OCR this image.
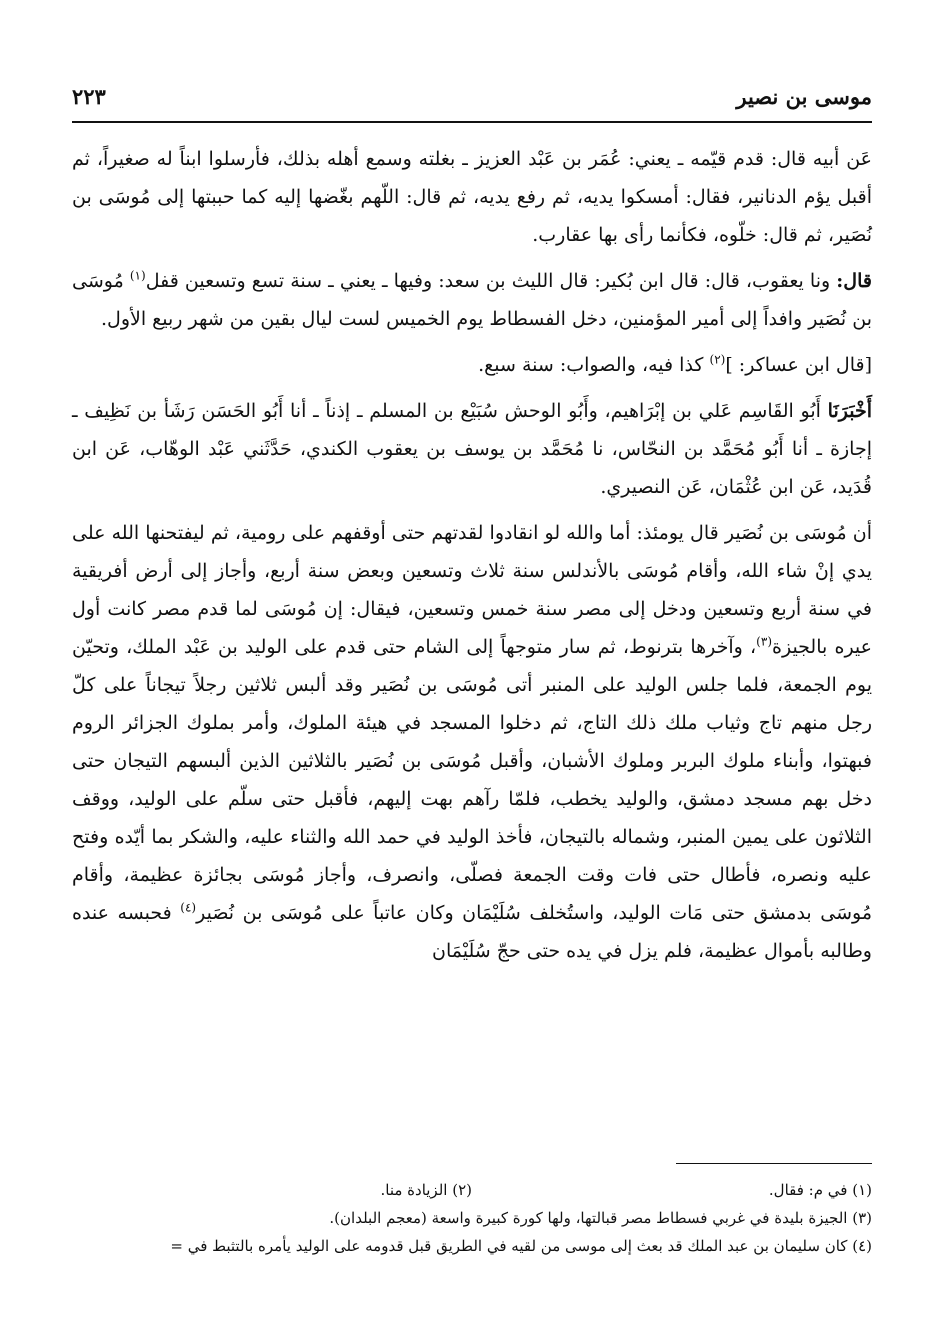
موسى بن نصير
٢٢٣

عَن أبيه قال: قدم قيّمه ـ يعني: عُمَر بن عَبْد العزيز ـ بغلته وسمع أهله بذلك، فأرسلوا ابناً له صغيراً، ثم أقبل يؤم الدنانير، فقال: أمسكوا يديه، ثم رفع يديه، ثم قال: اللّهم بغّضها إليه كما حببتها إلى مُوسَى بن نُصَير، ثم قال: خلّوه، فكأنما رأى بها عقارب.

قال: ونا يعقوب، قال: قال ابن بُكير: قال الليث بن سعد: وفيها ـ يعني ـ سنة تسع وتسعين قفل$^{(١)}$ مُوسَى بن نُصَير وافداً إلى أمير المؤمنين، دخل الفسطاط يوم الخميس لست ليال بقين من شهر ربيع الأول.

[قال ابن عساكر: ]$^{(٢)}$ كذا فيه، والصواب: سنة سبع.

أَخْبَرَنَا أَبُو القَاسِم عَلي بن إبْرَاهيم، وأَبُو الوحش سُبَيْع بن المسلم ـ إذناً ـ أنا أَبُو الحَسَن رَشَأ بن نَظِيف ـ إجازة ـ أنا أَبُو مُحَمَّد بن النحّاس، نا مُحَمَّد بن يوسف بن يعقوب الكندي، حَدَّثَني عَبْد الوهّاب، عَن ابن قُدَيد، عَن ابن عُثْمَان، عَن النصيري.

أن مُوسَى بن نُصَير قال يومئذ: أما والله لو انقادوا لقدتهم حتى أوقفهم على رومية، ثم ليفتحنها الله على يدي إنْ شاء الله، وأقام مُوسَى بالأندلس سنة ثلاث وتسعين وبعض سنة أربع، وأجاز إلى أرض أفريقية في سنة أربع وتسعين ودخل إلى مصر سنة خمس وتسعين، فيقال: إن مُوسَى لما قدم مصر كانت أول عيره بالجيزة$^{(٣)}$، وآخرها بترنوط، ثم سار متوجهاً إلى الشام حتى قدم على الوليد بن عَبْد الملك، وتحيّن يوم الجمعة، فلما جلس الوليد على المنبر أتى مُوسَى بن نُصَير وقد ألبس ثلاثين رجلاً تيجاناً على كلّ رجل منهم تاج وثياب ملك ذلك التاج، ثم دخلوا المسجد في هيئة الملوك، وأمر بملوك الجزائر الروم فبهتوا، وأبناء ملوك البربر وملوك الأشبان، وأقبل مُوسَى بن نُصَير بالثلاثين الذين ألبسهم التيجان حتى دخل بهم مسجد دمشق، والوليد يخطب، فلمّا رآهم بهت إليهم، فأقبل حتى سلّم على الوليد، ووقف الثلاثون على يمين المنبر، وشماله بالتيجان، فأخذ الوليد في حمد الله والثناء عليه، والشكر بما أيّده وفتح عليه ونصره، فأطال حتى فات وقت الجمعة فصلّى، وانصرف، وأجاز مُوسَى بجائزة عظيمة، وأقام مُوسَى بدمشق حتى مَات الوليد، واستُخلف سُلَيْمَان وكان عاتباً على مُوسَى بن نُصَير$^{(٤)}$ فحبسه عنده وطالبه بأموال عظيمة، فلم يزل في يده حتى حجّ سُلَيْمَان

(١) في م: فقال.
(٢) الزيادة منا.
(٣) الجيزة بليدة في غربي فسطاط مصر قبالتها، ولها كورة كبيرة واسعة (معجم البلدان).
(٤) كان سليمان بن عبد الملك قد بعث إلى موسى من لقيه في الطريق قبل قدومه على الوليد يأمره بالتثبط في =
